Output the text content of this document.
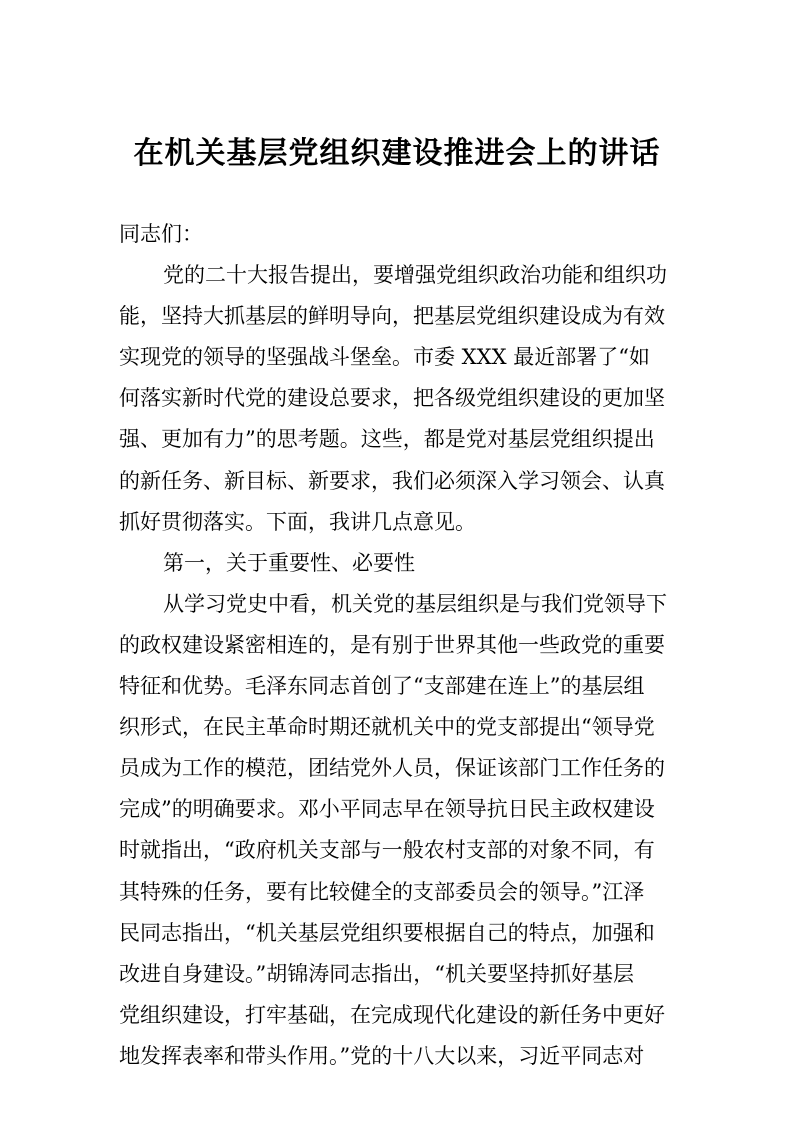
在机关基层党组织建设推进会上的讲话
同志们：
党的二十大报告提出，要增强党组织政治功能和组织功
能，坚持大抓基层的鲜明导向，把基层党组织建设成为有效
实现党的领导的坚强战斗堡垒。市委 XXX 最近部署了“如
何落实新时代党的建设总要求，把各级党组织建设的更加坚
强、更加有力”的思考题。这些，都是党对基层党组织提出
的新任务、新目标、新要求，我们必须深入学习领会、认真
抓好贯彻落实。下面，我讲几点意见。
第一，关于重要性、必要性
从学习党史中看，机关党的基层组织是与我们党领导下
的政权建设紧密相连的，是有别于世界其他一些政党的重要
特征和优势。毛泽东同志首创了“支部建在连上”的基层组
织形式，在民主革命时期还就机关中的党支部提出“领导党
员成为工作的模范，团结党外人员，保证该部门工作任务的
完成”的明确要求。邓小平同志早在领导抗日民主政权建设
时就指出，“政府机关支部与一般农村支部的对象不同，有
其特殊的任务，要有比较健全的支部委员会的领导。”江泽
民同志指出，“机关基层党组织要根据自己的特点，加强和
改进自身建设。”胡锦涛同志指出，“机关要坚持抓好基层
党组织建设，打牢基础，在完成现代化建设的新任务中更好
地发挥表率和带头作用。”党的十八大以来，习近平同志对
